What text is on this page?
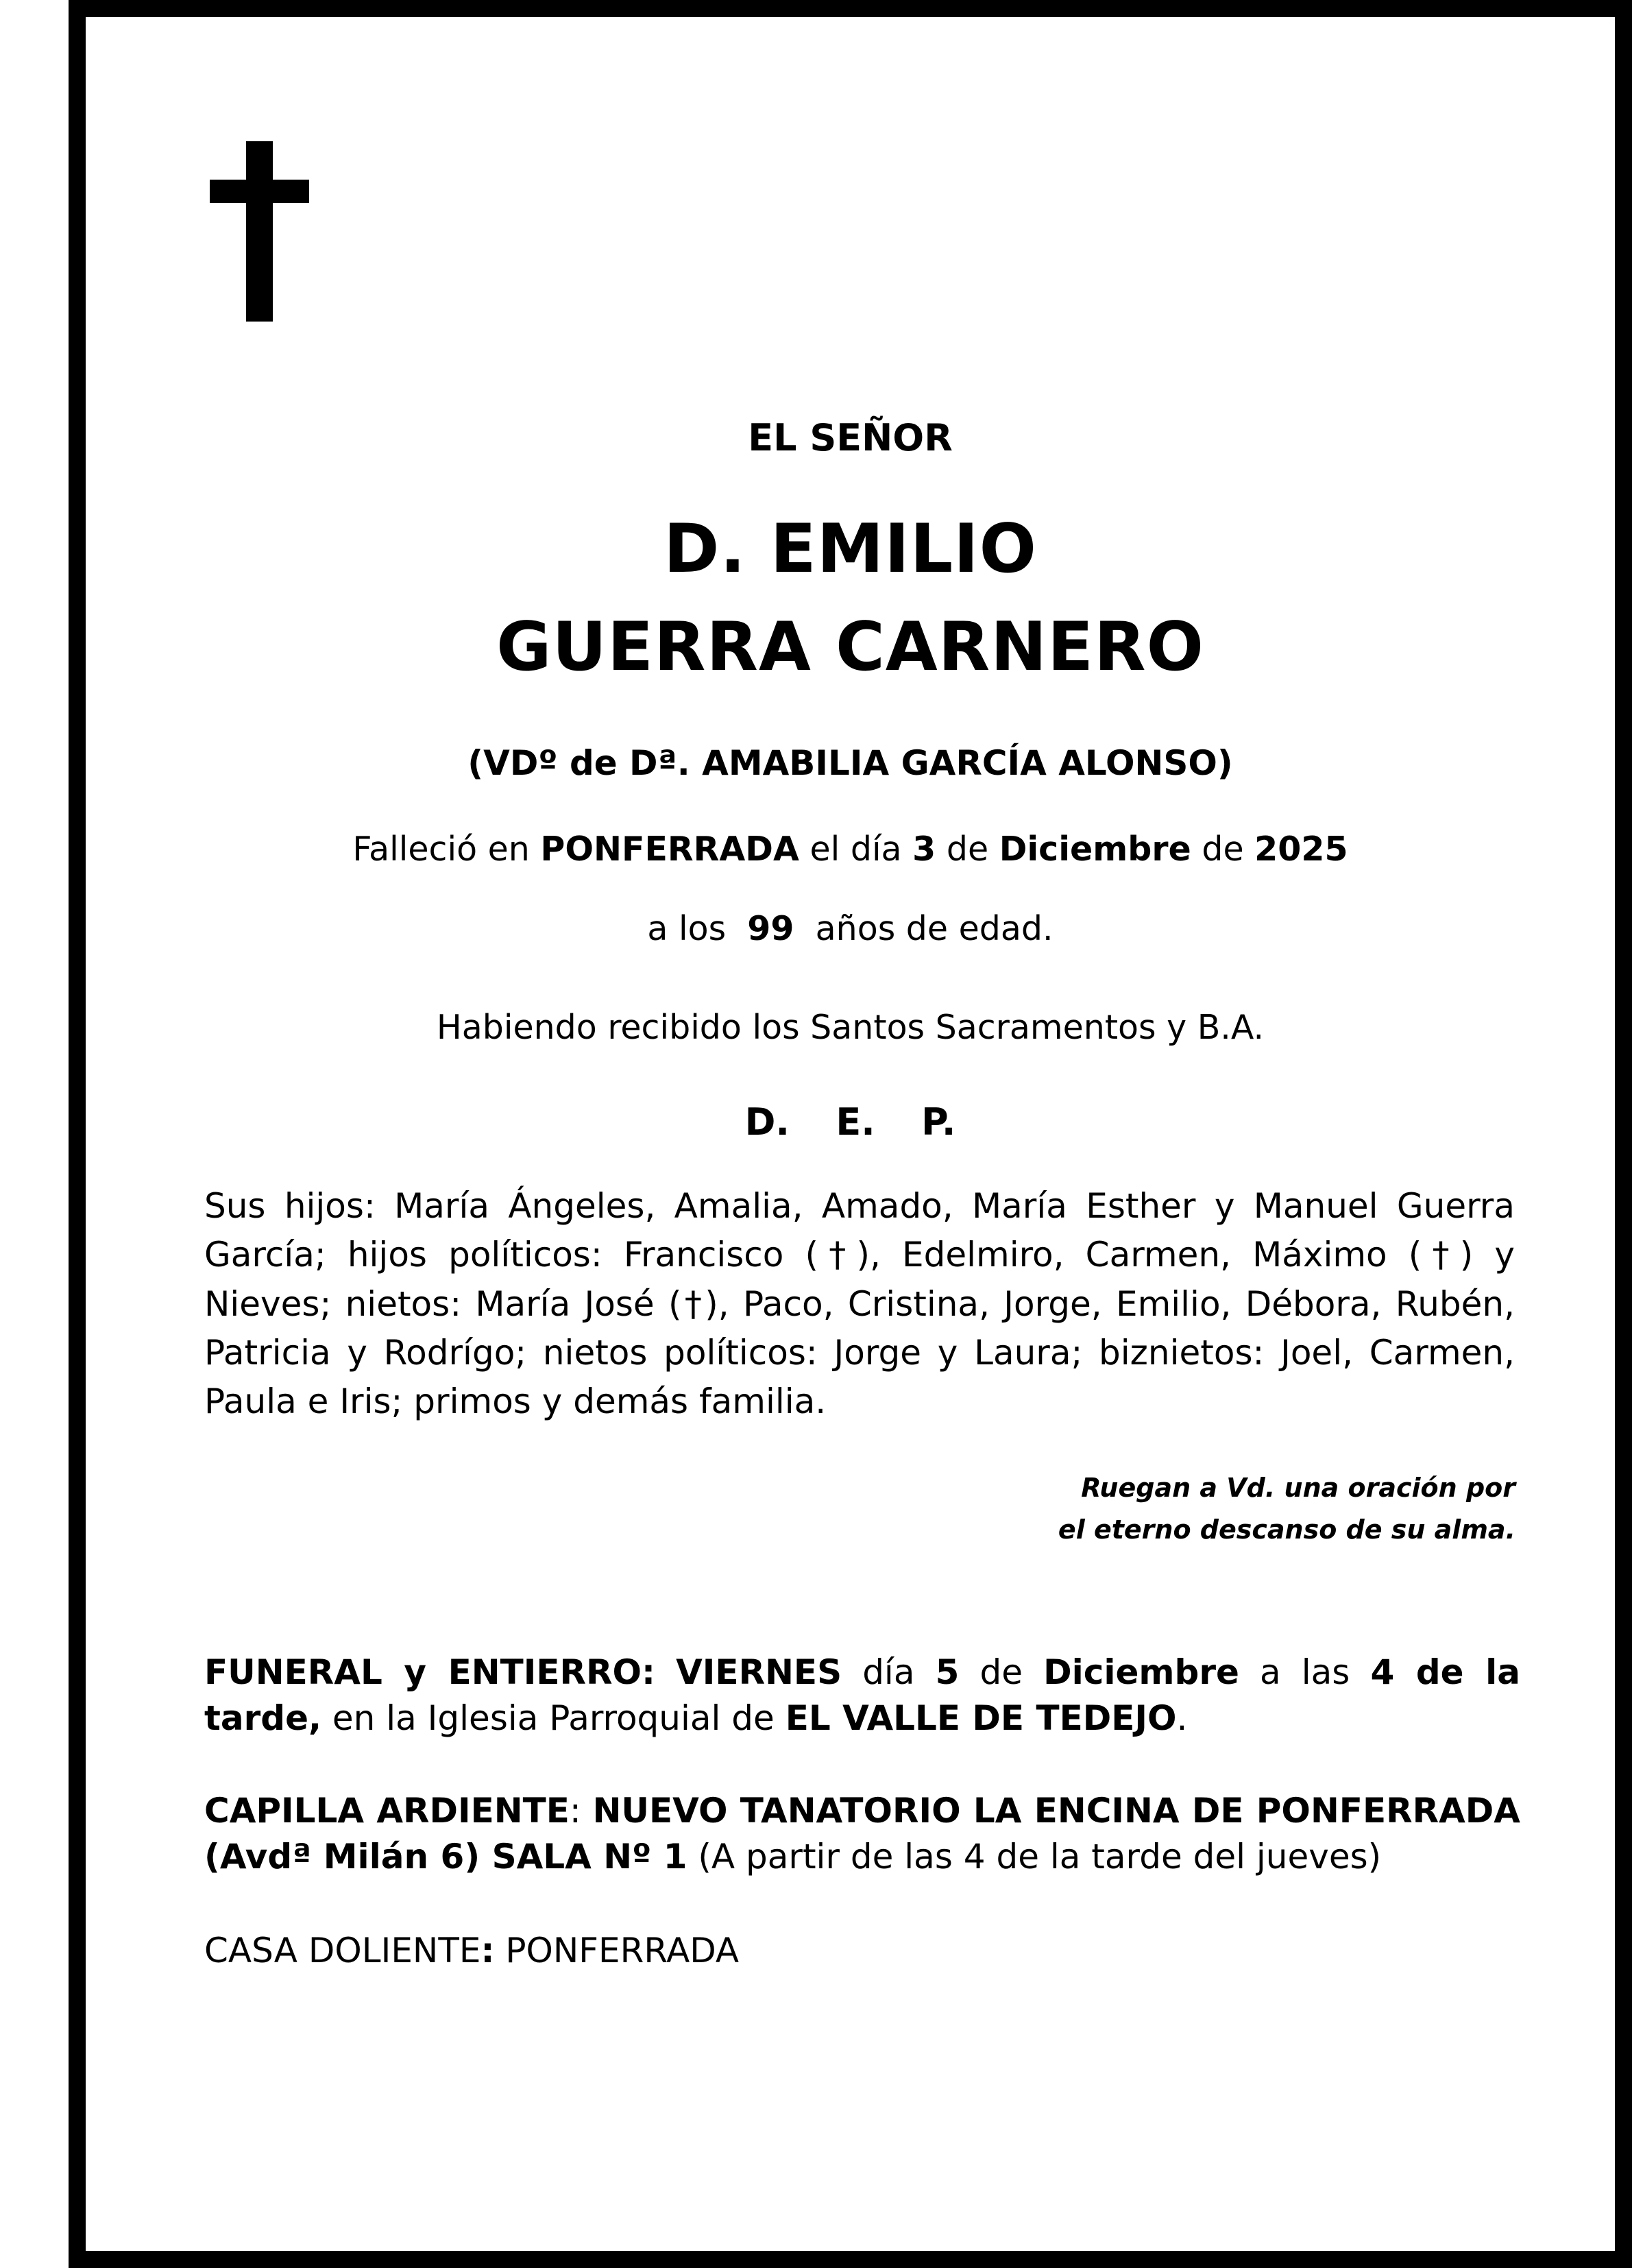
EL SEÑOR
D. EMILIO
GUERRA CARNERO
(VDº de Dª. AMABILIA GARCÍA ALONSO)
Falleció en PONFERRADA el día 3 de Diciembre de 2025
a los 99 años de edad.
Habiendo recibido los Santos Sacramentos y B.A.
D. E. P.
Sus hijos: María Ángeles, Amalia, Amado, María Esther y Manuel Guerra García; hijos políticos: Francisco (†), Edelmiro, Carmen, Máximo (†) y Nieves; nietos: María José (†), Paco, Cristina, Jorge, Emilio, Débora, Rubén, Patricia y Rodrígo; nietos políticos: Jorge y Laura; biznietos: Joel, Carmen, Paula e Iris; primos y demás familia.
Ruegan a Vd. una oración por
el eterno descanso de su alma.
FUNERAL y ENTIERRO: VIERNES día 5 de Diciembre a las 4 de la tarde, en la Iglesia Parroquial de EL VALLE DE TEDEJO.
CAPILLA ARDIENTE: NUEVO TANATORIO LA ENCINA DE PONFERRADA (Avdª Milán 6) SALA Nº 1 (A partir de las 4 de la tarde del jueves)
CASA DOLIENTE: PONFERRADA
